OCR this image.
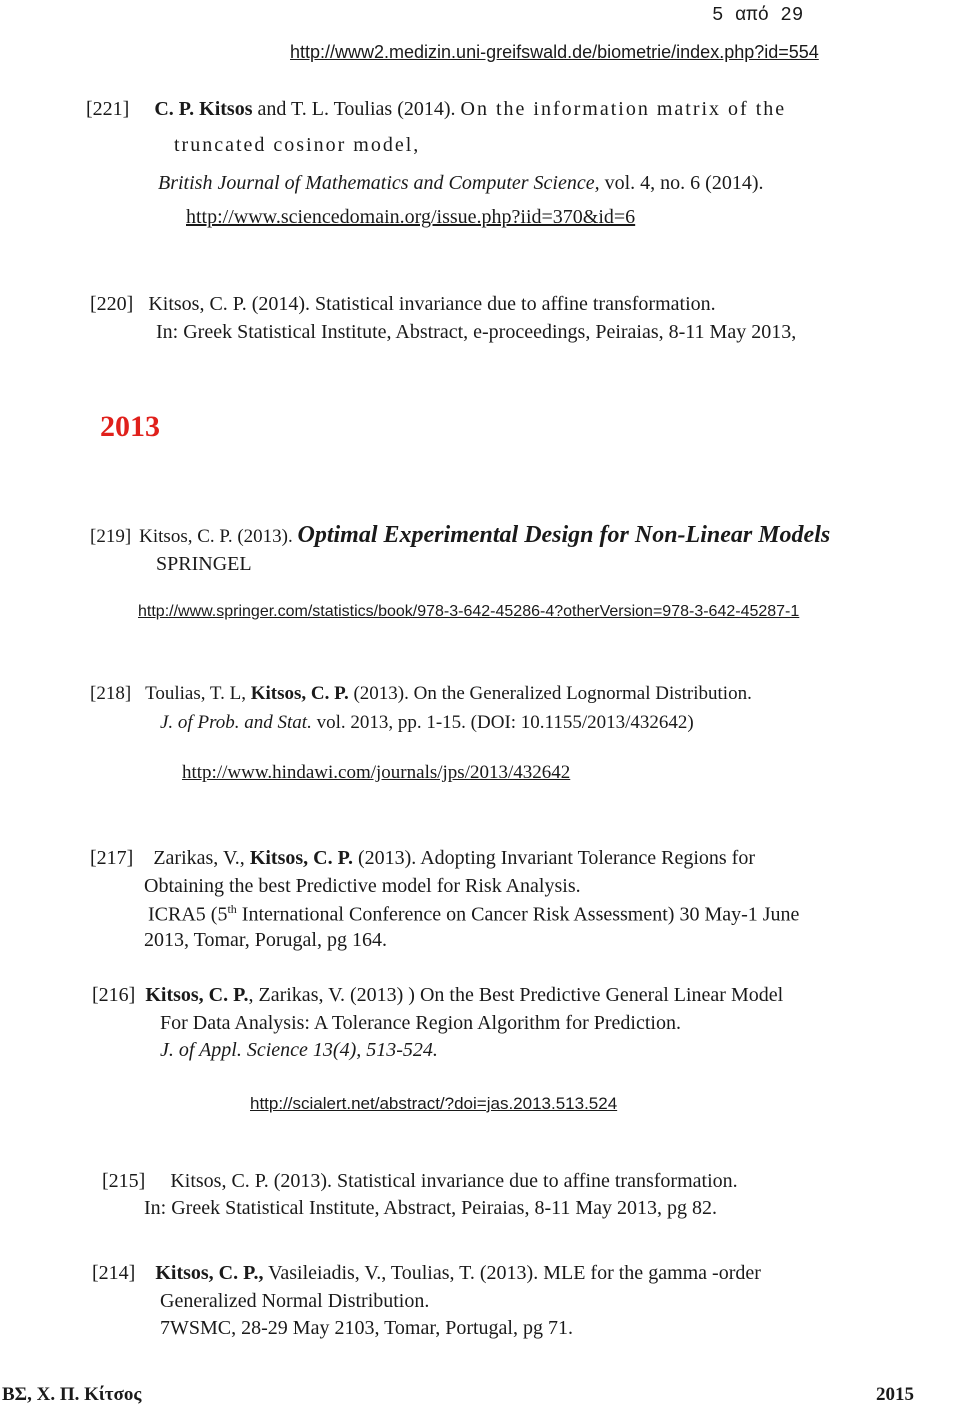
5 από 29
http://www2.medizin.uni-greifswald.de/biometrie/index.php?id=554
[221] C. P. Kitsos and T. L. Toulias (2014). On the information matrix of the
truncated cosinor model,
British Journal of Mathematics and Computer Science, vol. 4, no. 6 (2014).
http://www.sciencedomain.org/issue.php?iid=370&id=6
[220] Kitsos, C. P. (2014). Statistical invariance due to affine transformation.
In: Greek Statistical Institute, Abstract, e-proceedings, Peiraias, 8-11 May 2013,
2013
[219] Kitsos, C. P. (2013). Optimal Experimental Design for Non-Linear Models
SPRINGEL
http://www.springer.com/statistics/book/978-3-642-45286-4?otherVersion=978-3-642-45287-1
[218] Toulias, T. L, Kitsos, C. P. (2013). On the Generalized Lognormal Distribution.
J. of Prob. and Stat. vol. 2013, pp. 1-15. (DOI: 10.1155/2013/432642)
http://www.hindawi.com/journals/jps/2013/432642
[217] Zarikas, V., Kitsos, C. P. (2013). Adopting Invariant Tolerance Regions for
Obtaining the best Predictive model for Risk Analysis.
ICRA5 (5th International Conference on Cancer Risk Assessment) 30 May-1 June
2013, Tomar, Porugal, pg 164.
[216] Kitsos, C. P., Zarikas, V. (2013) ) On the Best Predictive General Linear Model
For Data Analysis: A Tolerance Region Algorithm for Prediction.
J. of Appl. Science 13(4), 513-524.
http://scialert.net/abstract/?doi=jas.2013.513.524
[215] Kitsos, C. P. (2013). Statistical invariance due to affine transformation.
In: Greek Statistical Institute, Abstract, Peiraias, 8-11 May 2013, pg 82.
[214] Kitsos, C. P., Vasileiadis, V., Toulias, T. (2013). MLE for the gamma -order
Generalized Normal Distribution.
7WSMC, 28-29 May 2103, Tomar, Portugal, pg 71.
ΒΣ, Χ. Π. Κίτσος	2015
